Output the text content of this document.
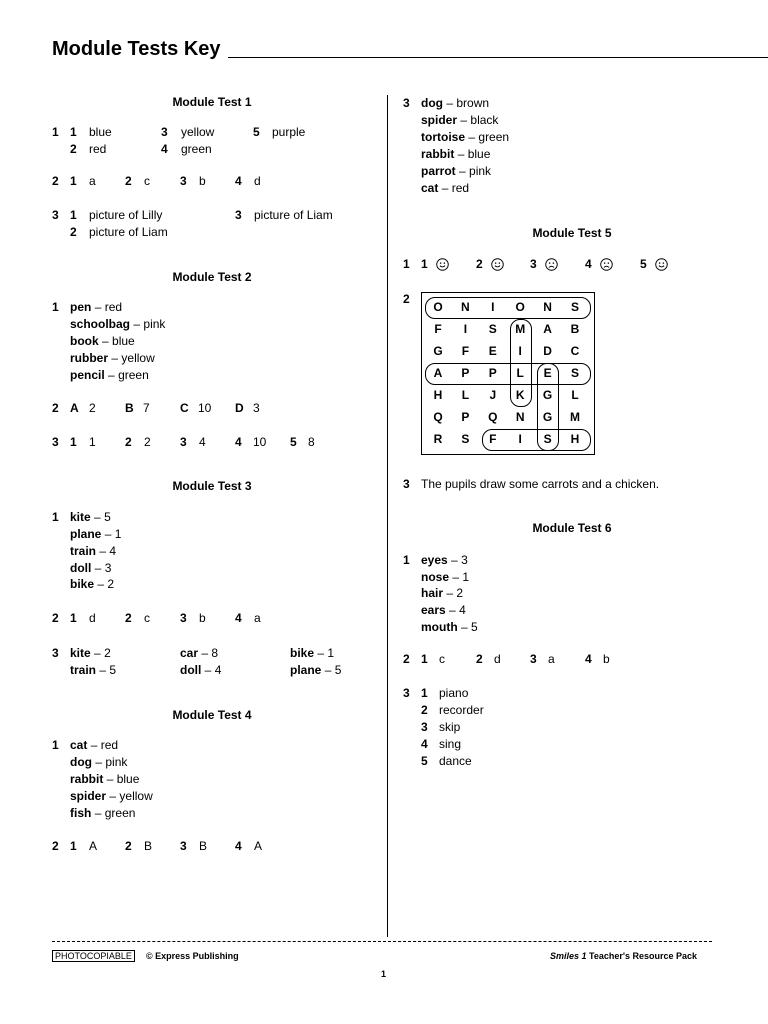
Module Tests Key
Module Test 1
1 1 blue	3 yellow	5 purple
2 red	4 green
2 1 a 2 c	3 b 4 d
3 1 picture of Lilly	3 picture of Liam
2 picture of Liam
Module Test 2
1 pen – red
schoolbag – pink
book – blue
rubber – yellow
pencil – green
2 A 2 B 7	C 10 D 3
3 1 1 2 2 3 4 4 10 5 8
Module Test 3
1 kite – 5
plane – 1
train – 4
doll – 3
bike – 2
2 1 d 2 c	3 b 4 a
3 kite – 2	car – 8	bike – 1
train – 5	doll – 4	plane – 5
Module Test 4
1 cat – red
dog – pink
rabbit – blue
spider – yellow
fish – green
2 1 A 2 B 3 B 4 A
3 dog – brown
spider – black
tortoise – green
rabbit – blue
parrot – pink
cat – red
Module Test 5
1 1	2	3	4	5
2
O	N	I	O	N	S
F	I	S	M	A	B
G	F	E	I	D	C
A	P	P	L	E	S
H	L	J	K	G	L
Q	P	Q	N	G	M
R	S	F	I	S	H
3 The pupils draw some carrots and a chicken.
Module Test 6
1 eyes – 3
nose – 1
hair – 2
ears – 4
mouth – 5
2 1 c	2 d 3 a	4 b
3 1 piano
2 recorder
3 skip
4 sing
5 dance
PHOTOCOPIABLE	© Express Publishing	Smiles 1 Teacher's Resource Pack
1
